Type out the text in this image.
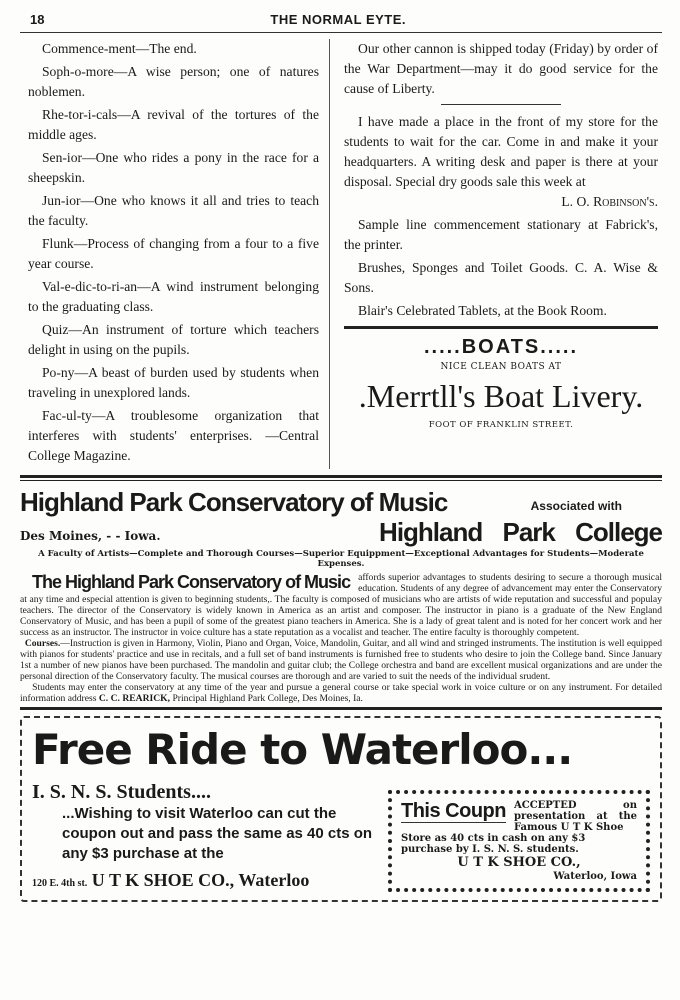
18	THE NORMAL EYTE.

Commence-ment—The end.

Soph-o-more—A wise person; one of natures noblemen.

Rhe-tor-i-cals—A revival of the tortures of the middle ages.

Sen-ior—One who rides a pony in the race for a sheepskin.

Jun-ior—One who knows it all and tries to teach the faculty.

Flunk—Process of changing from a four to a five year course.

Val-e-dic-to-ri-an—A wind instrument belonging to the graduating class.

Quiz—An instrument of torture which teachers delight in using on the pupils.

Po-ny—A beast of burden used by students when traveling in unexplored lands.

Fac-ul-ty—A troublesome organization that interferes with students' enterprises. —Central College Magazine.

Our other cannon is shipped today (Friday) by order of the War Department—may it do good service for the cause of Liberty.

I have made a place in the front of my store for the students to wait for the car. Come in and make it your headquarters. A writing desk and paper is there at your disposal. Special dry goods sale this week at
L. O. Robinson's.

Sample line commencement stationary at Fabrick's, the printer.

Brushes, Sponges and Toilet Goods. C. A. Wise & Sons.

Blair's Celebrated Tablets, at the Book Room.

.....BOATS.....
NICE CLEAN BOATS AT
.Merrtll's Boat Livery.
FOOT OF FRANKLIN STREET.
Highland Park Conservatory of Music	Associated with
Des Moines, - - Iowa.	Highland Park College
A Faculty of Artists—Complete and Thorough Courses—Superior Equippment—Exceptional Advantages for Students—Moderate Expenses.
The Highland Park Conservatory of Music affords superior advantages to students desiring to secure a thorough musical education. Students of any degree of advancement may enter the Conservatory at any time and especial attention is given to beginning students,. The faculty is composed of musicians who are artists of wide reputation and successful and populay teachers. The director of the Conservatory is widely known in America as an artist and composer. The instructor in piano is a graduate of the New England Conservatory of Music, and has been a pupil of some of the greatest piano teachers in America. She is a lady of great talent and is noted for her concert work and her success as an instructor. The instructor in voice culture has a state reputation as a vocalist and teacher. The entire faculty is thoroughly competent.
Courses.—Instruction is given in Harmony, Violin, Piano and Organ, Voice, Mandolin, Guitar, and all wind and stringed instruments. The institution is well equipped with pianos for students' practice and use in recitals, and a full set of band instruments is furnished free to students who desire to join the College band. Since January 1st a number of new pianos have been purchased. The mandolin and guitar club; the College orchestra and band are excellent musical organizations and are under the personal direction of the Conservatory faculty. The musical courses are thorough and are varied to suit the needs of the individual srudent.
Students may enter the conservatory at any time of the year and pursue a general course or take special work in voice culture or on any instrument. For detailed information address C. C. REARICK, Principal Highland Park College, Des Moines, Ia.
Free Ride to Waterloo...
I. S. N. S. Students....
...Wishing to visit Waterloo can cut the coupon out and pass the same as 40 cts on any $3 purchase at the
120 E. 4th st. U T K SHOE CO., Waterloo
This Coupn ACCEPTED on presentation at the Famous U T K Shoe
Store as 40 cts in cash on any $3 purchase by I. S. N. S. students.
U T K SHOE CO.,
Waterloo, Iowa
